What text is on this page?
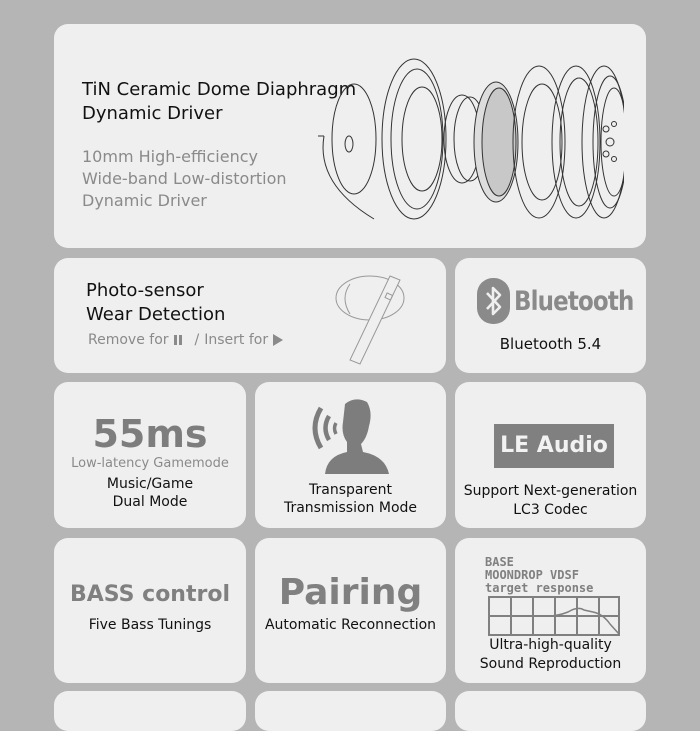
TiN Ceramic Dome Diaphragm
Dynamic Driver
10mm High-efficiency
Wide-band Low-distortion
Dynamic Driver
Photo-sensor
Wear Detection
Remove for / Insert for
Bluetooth
Bluetooth 5.4
55ms
Low-latency Gamemode
Music/Game
Dual Mode
Transparent
Transmission Mode
LE Audio
Support Next-generation
LC3 Codec
BASS control
Five Bass Tunings
Pairing
Automatic Reconnection
BASE
MOONDROP VDSF
target response
Ultra-high-quality
Sound Reproduction
